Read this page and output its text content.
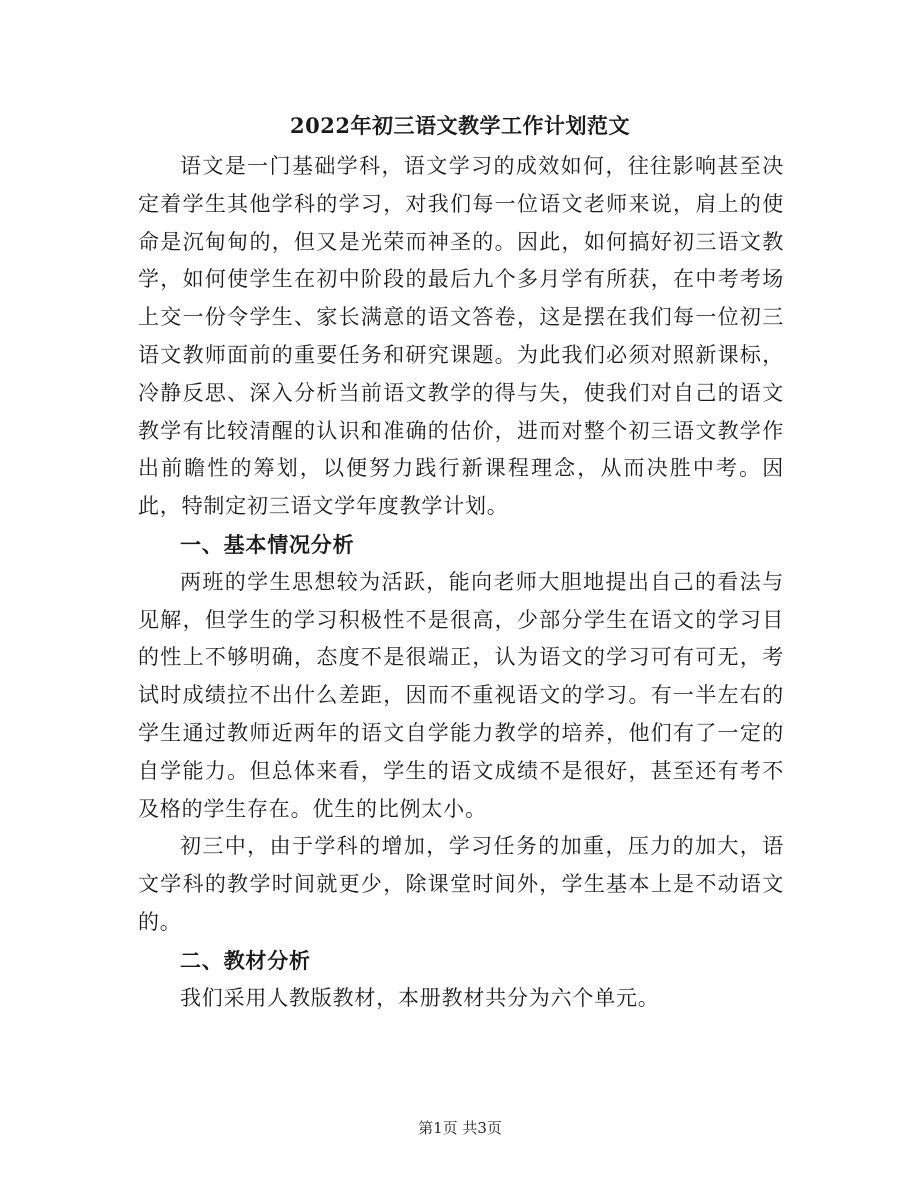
2022年初三语文教学工作计划范文

语文是一门基础学科，语文学习的成效如何，往往影响甚至决定着学生其他学科的学习，对我们每一位语文老师来说，肩上的使命是沉甸甸的，但又是光荣而神圣的。因此，如何搞好初三语文教学，如何使学生在初中阶段的最后九个多月学有所获，在中考考场上交一份令学生、家长满意的语文答卷，这是摆在我们每一位初三语文教师面前的重要任务和研究课题。为此我们必须对照新课标，冷静反思、深入分析当前语文教学的得与失，使我们对自己的语文教学有比较清醒的认识和准确的估价，进而对整个初三语文教学作出前瞻性的筹划，以便努力践行新课程理念，从而决胜中考。因此，特制定初三语文学年度教学计划。

一、基本情况分析

两班的学生思想较为活跃，能向老师大胆地提出自己的看法与见解，但学生的学习积极性不是很高，少部分学生在语文的学习目的性上不够明确，态度不是很端正，认为语文的学习可有可无，考试时成绩拉不出什么差距，因而不重视语文的学习。有一半左右的学生通过教师近两年的语文自学能力教学的培养，他们有了一定的自学能力。但总体来看，学生的语文成绩不是很好，甚至还有考不及格的学生存在。优生的比例太小。

初三中，由于学科的增加，学习任务的加重，压力的加大，语文学科的教学时间就更少，除课堂时间外，学生基本上是不动语文的。

二、教材分析

我们采用人教版教材，本册教材共分为六个单元。

第1页 共3页
